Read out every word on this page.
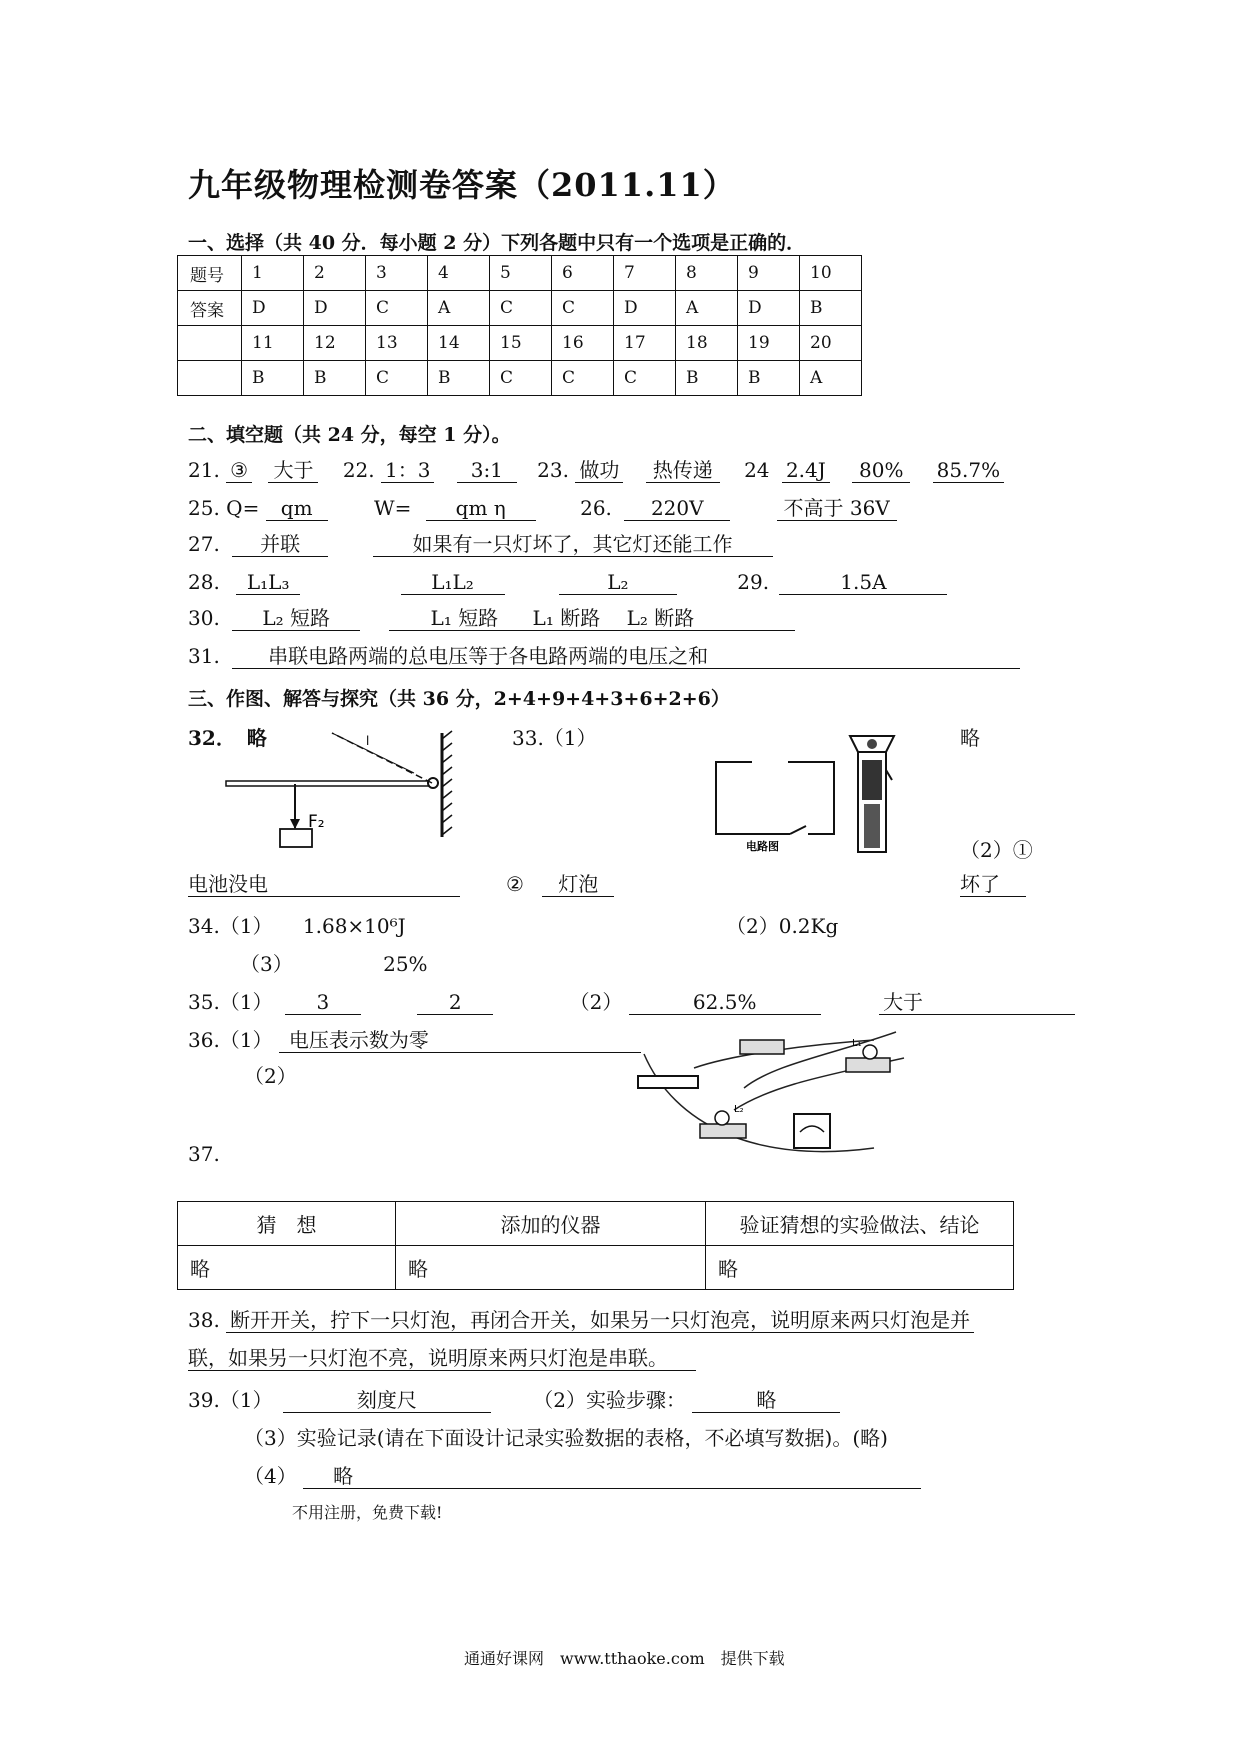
九年级物理检测卷答案（2011.11）
一、选择（共 40 分．每小题 2 分）下列各题中只有一个选项是正确的．
题号	1	2	3	4	5	6	7	8	9	10
答案	D	D	C	A	C	C	D	A	D	B
	11	12	13	14	15	16	17	18	19	20
	B	B	C	B	C	C	C	B	B	A
二、填空题（共 24 分，每空 1 分）。
21. ③ 大于 22. 1：3 3:1 23. 做功 热传递 24 2.4J 80% 85.7%
25. Q= qm	W= qm η	26. 220V	不高于 36V
27. 并联	如果有一只灯坏了，其它灯还能工作
28. L₁L₃	L₁L₂	L₂	29.	1.5A
30. L₂ 短路	L₁ 短路 L₁ 断路 L₂ 断路
31. 串联电路两端的总电压等于各电路两端的电压之和
三、作图、解答与探究（共 36 分，2+4+9+4+3+6+2+6）
32． 略	l
F₂
33.（1）	略
电路图	（2）①
电池没电	② 灯泡	坏了
34.（1） 1.68×10⁶J	（2）0.2Kg
（3）	25%
35.（1） 3	2	（2）	62.5%	大于
36.（1） 电压表示数为零
（2）
L₁
L₂
37.
猜　想	添加的仪器	验证猜想的实验做法、结论
略	略	略
38. 断开开关，拧下一只灯泡，再闭合开关，如果另一只灯泡亮，说明原来两只灯泡是并
联，如果另一只灯泡不亮，说明原来两只灯泡是串联。
39.（1）	刻度尺	（2）实验步骤：	略
（3）实验记录(请在下面设计记录实验数据的表格，不必填写数据)。(略)
（4） 略
不用注册，免费下载!
通通好课网　www.tthaoke.com　提供下载
